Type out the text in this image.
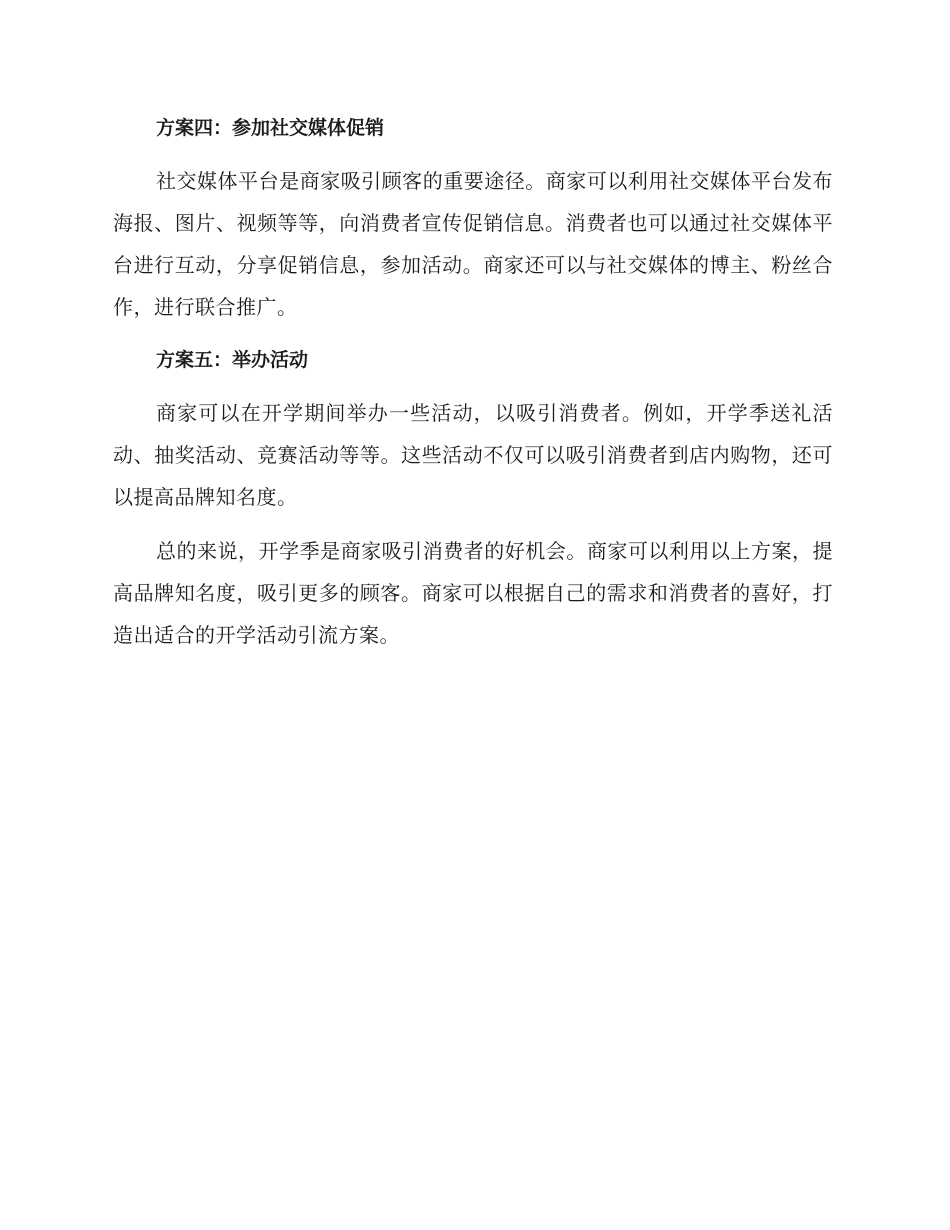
方案四：参加社交媒体促销

社交媒体平台是商家吸引顾客的重要途径。商家可以利用社交媒体平台发布海报、图片、视频等等，向消费者宣传促销信息。消费者也可以通过社交媒体平台进行互动，分享促销信息，参加活动。商家还可以与社交媒体的博主、粉丝合作，进行联合推广。

方案五：举办活动

商家可以在开学期间举办一些活动，以吸引消费者。例如，开学季送礼活动、抽奖活动、竞赛活动等等。这些活动不仅可以吸引消费者到店内购物，还可以提高品牌知名度。

总的来说，开学季是商家吸引消费者的好机会。商家可以利用以上方案，提高品牌知名度，吸引更多的顾客。商家可以根据自己的需求和消费者的喜好，打造出适合的开学活动引流方案。
